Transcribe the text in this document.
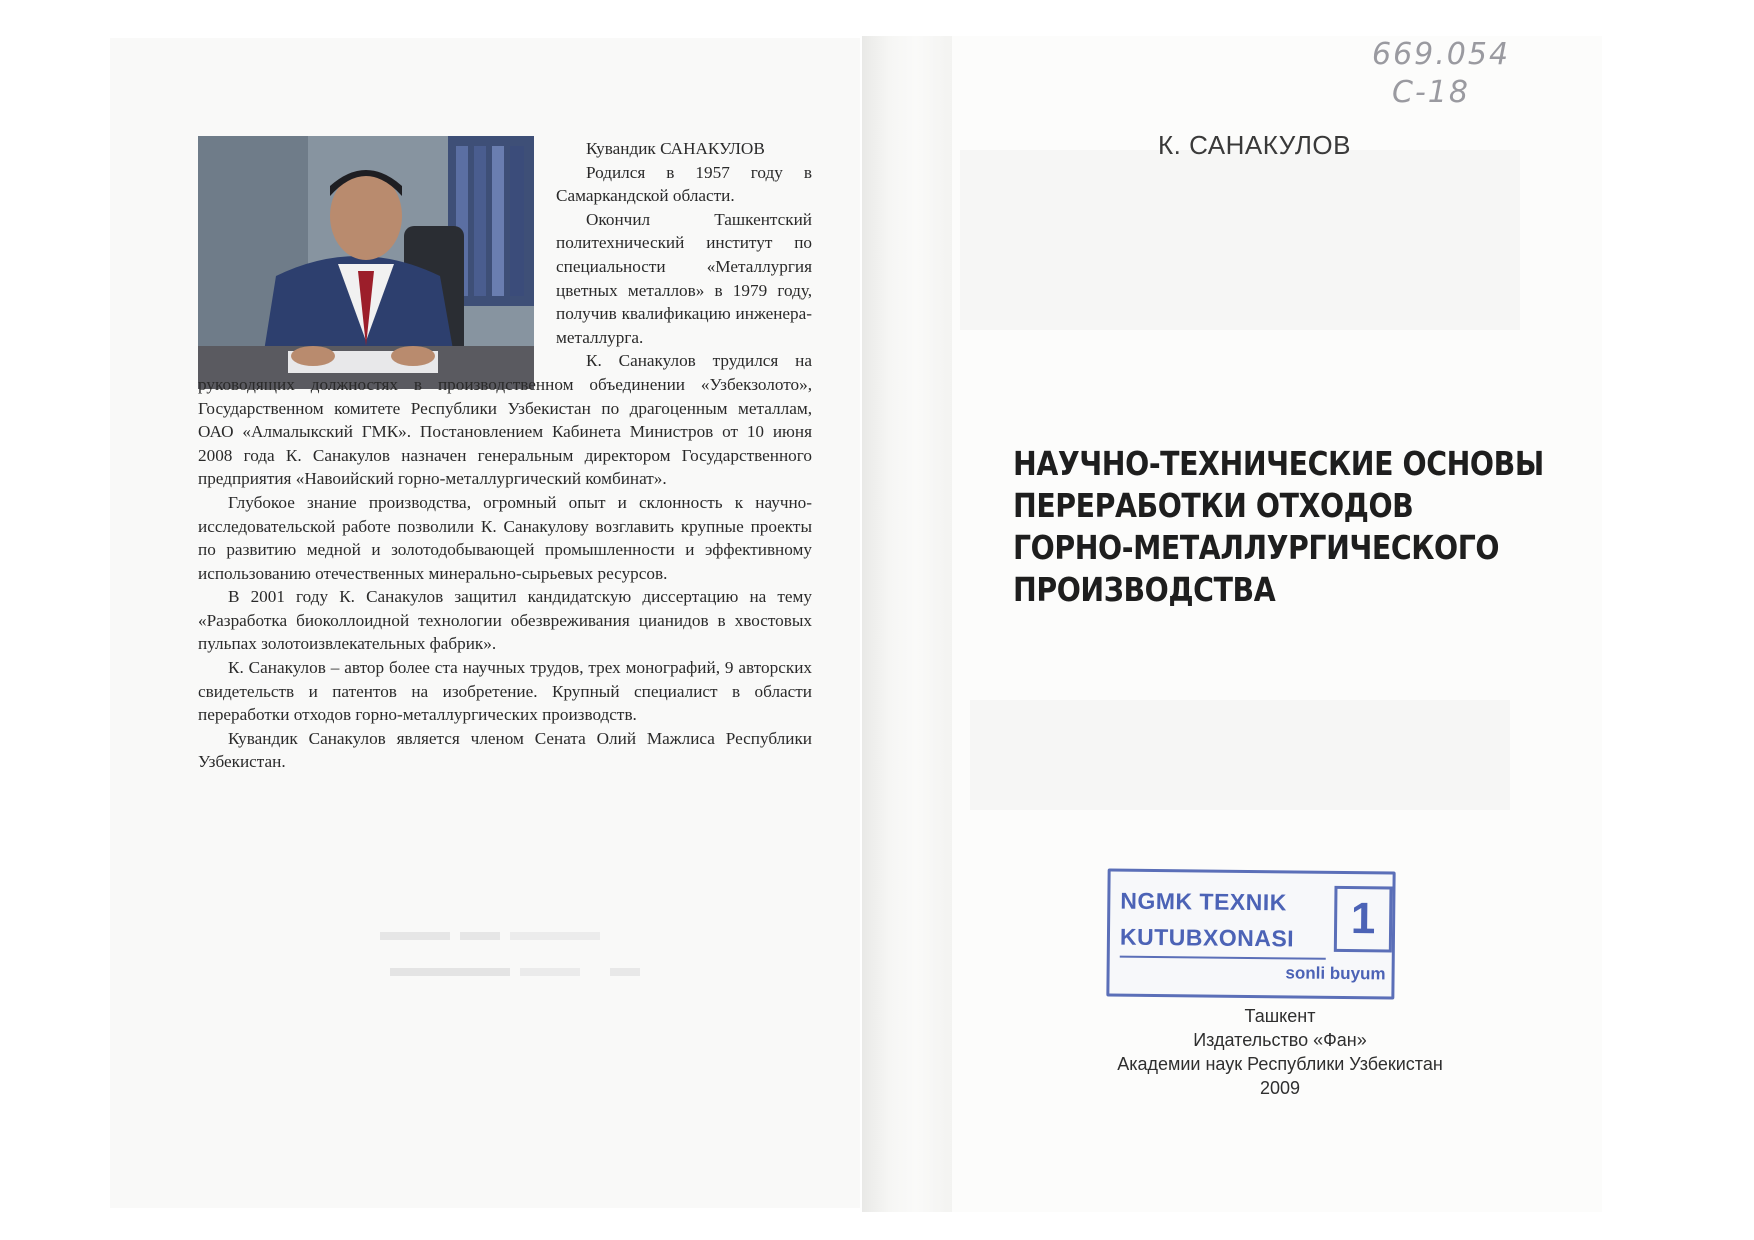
Кувандик САНАКУЛОВ

Родился в 1957 году в Самаркандской области.

Окончил Ташкентский политехнический институт по специальности «Металлургия цветных металлов» в 1979 году, получив квалификацию инженера-металлурга.

К. Санакулов трудился на руководящих должностях в производственном объединении «Узбекзолото», Государственном комитете Республики Узбекистан по драгоценным металлам, ОАО «Алмалыкский ГМК». Постановлением Кабинета Министров от 10 июня 2008 года К. Санакулов назначен генеральным директором Государственного предприятия «Навоийский горно-металлургический комбинат».

Глубокое знание производства, огромный опыт и склонность к научно-исследовательской работе позволили К. Санакулову возглавить крупные проекты по развитию медной и золотодобывающей промышленности и эффективному использованию отечественных минерально-сырьевых ресурсов.

В 2001 году К. Санакулов защитил кандидатскую диссертацию на тему «Разработка биоколлоидной технологии обезвреживания цианидов в хвостовых пульпах золотоизвлекательных фабрик».

К. Санакулов – автор более ста научных трудов, трех монографий, 9 авторских свидетельств и патентов на изобретение. Крупный специалист в области переработки отходов горно-металлургических производств.

Кувандик Санакулов является членом Сената Олий Мажлиса Республики Узбекистан.

669.054
С-18
К. САНАКУЛОВ
НАУЧНО-ТЕХНИЧЕСКИЕ ОСНОВЫ
ПЕРЕРАБОТКИ ОТХОДОВ
ГОРНО-МЕТАЛЛУРГИЧЕСКОГО
ПРОИЗВОДСТВА
NGMK TEXNIK
KUTUBXONASI
sonli buyum
1
Ташкент
Издательство «Фан»
Академии наук Республики Узбекистан
2009
